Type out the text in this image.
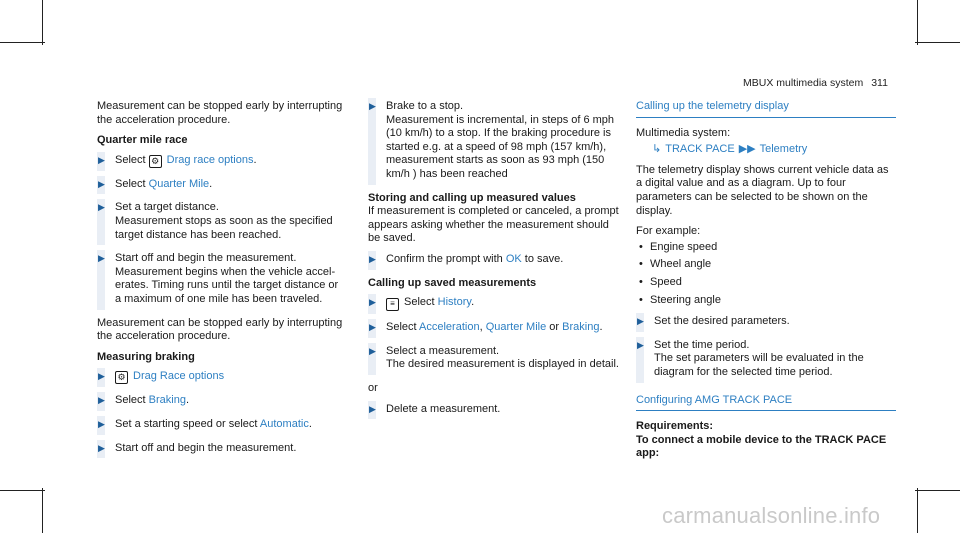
MBUX multimedia system 311

Measurement can be stopped early by interrupting the acceleration procedure.

Quarter mile race

▶ Select ⚙ Drag race options.
▶ Select Quarter Mile.
▶ Set a target distance.
Measurement stops as soon as the specified target distance has been reached.
▶ Start off and begin the measurement.
Measurement begins when the vehicle accelerates. Timing runs until the target distance or a maximum of one mile has been traveled.

Measurement can be stopped early by interrupting the acceleration procedure.

Measuring braking

▶ ⚙ Drag Race options
▶ Select Braking.
▶ Set a starting speed or select Automatic.
▶ Start off and begin the measurement.
▶ Brake to a stop.
Measurement is incremental, in steps of 6 mph (10 km/h) to a stop. If the braking procedure is started e.g. at a speed of 98 mph (157 km/h), measurement starts as soon as 93 mph (150 km/h ) has been reached

Storing and calling up measured values

If measurement is completed or canceled, a prompt appears asking whether the measurement should be saved.

▶ Confirm the prompt with OK to save.

Calling up saved measurements

▶	≡ Select History.
▶ Select Acceleration, Quarter Mile or Braking.
▶ Select a measurement.
The desired measurement is displayed in detail.

or

▶ Delete a measurement.
Calling up the telemetry display

Multimedia system:

↳ TRACK PACE ▶▶ Telemetry

The telemetry display shows current vehicle data as a digital value and as a diagram. Up to four parameters can be selected to be shown on the display.

For example:

• Engine speed
• Wheel angle
• Speed
• Steering angle
▶ Set the desired parameters.
▶ Set the time period.
The set parameters will be evaluated in the diagram for the selected time period.
Configuring AMG TRACK PACE

Requirements:

To connect a mobile device to the TRACK PACE app:

carmanualsonline.info
